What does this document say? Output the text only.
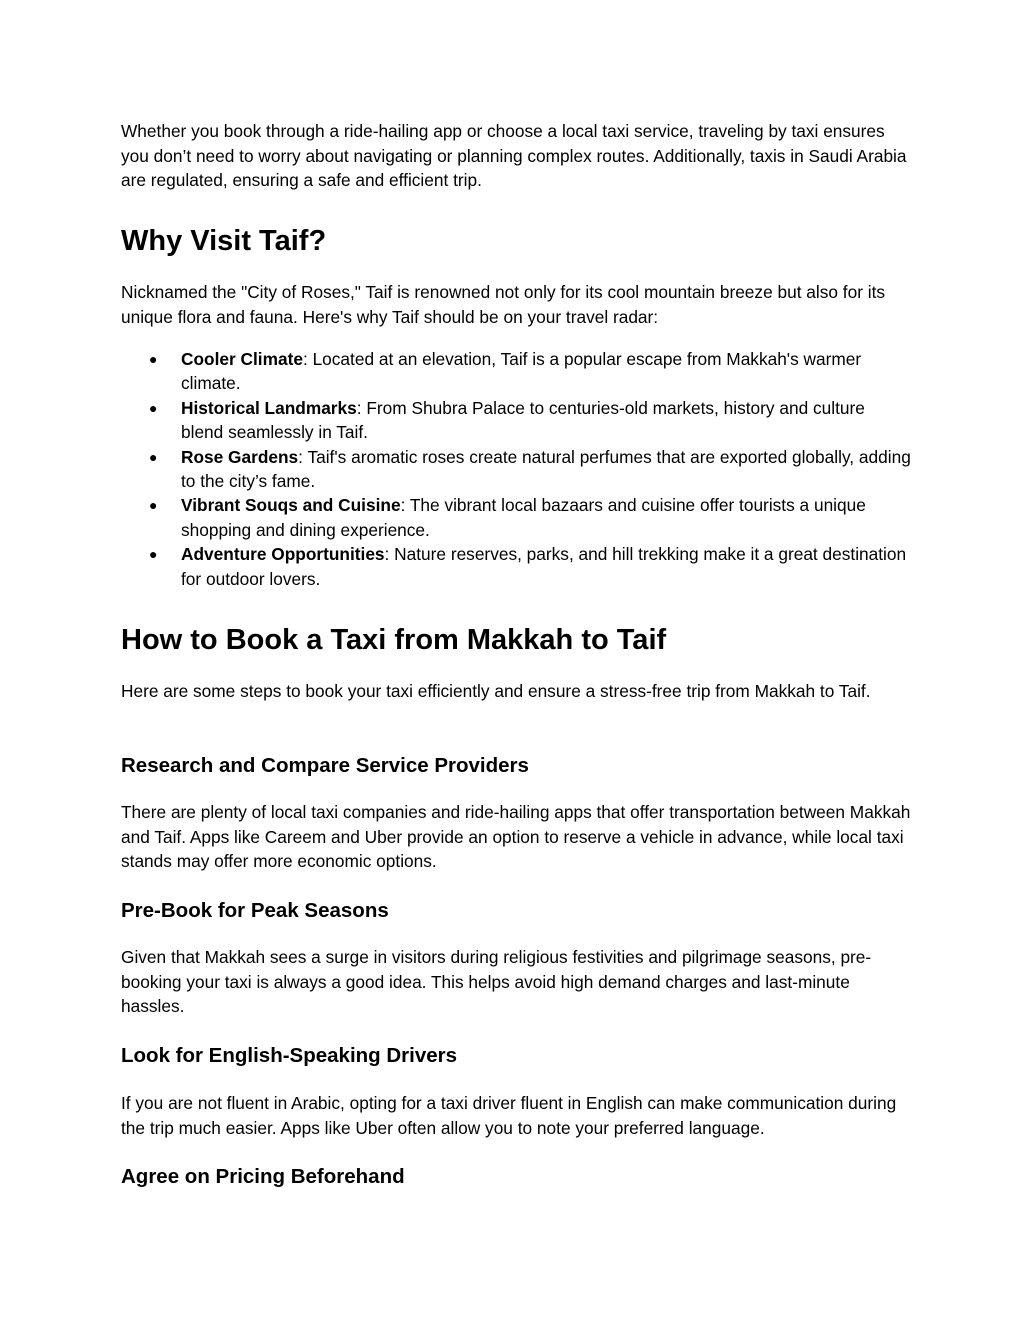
Whether you book through a ride-hailing app or choose a local taxi service, traveling by taxi ensures you don’t need to worry about navigating or planning complex routes. Additionally, taxis in Saudi Arabia are regulated, ensuring a safe and efficient trip.

Why Visit Taif?

Nicknamed the "City of Roses," Taif is renowned not only for its cool mountain breeze but also for its unique flora and fauna. Here's why Taif should be on your travel radar:

● Cooler Climate: Located at an elevation, Taif is a popular escape from Makkah's warmer climate.
● Historical Landmarks: From Shubra Palace to centuries-old markets, history and culture blend seamlessly in Taif.
● Rose Gardens: Taif's aromatic roses create natural perfumes that are exported globally, adding to the city’s fame.
● Vibrant Souqs and Cuisine: The vibrant local bazaars and cuisine offer tourists a unique shopping and dining experience.
● Adventure Opportunities: Nature reserves, parks, and hill trekking make it a great destination for outdoor lovers.
How to Book a Taxi from Makkah to Taif

Here are some steps to book your taxi efficiently and ensure a stress-free trip from Makkah to Taif.

Research and Compare Service Providers

There are plenty of local taxi companies and ride-hailing apps that offer transportation between Makkah and Taif. Apps like Careem and Uber provide an option to reserve a vehicle in advance, while local taxi stands may offer more economic options.

Pre-Book for Peak Seasons

Given that Makkah sees a surge in visitors during religious festivities and pilgrimage seasons, pre-booking your taxi is always a good idea. This helps avoid high demand charges and last-minute hassles.

Look for English-Speaking Drivers

If you are not fluent in Arabic, opting for a taxi driver fluent in English can make communication during the trip much easier. Apps like Uber often allow you to note your preferred language.

Agree on Pricing Beforehand
